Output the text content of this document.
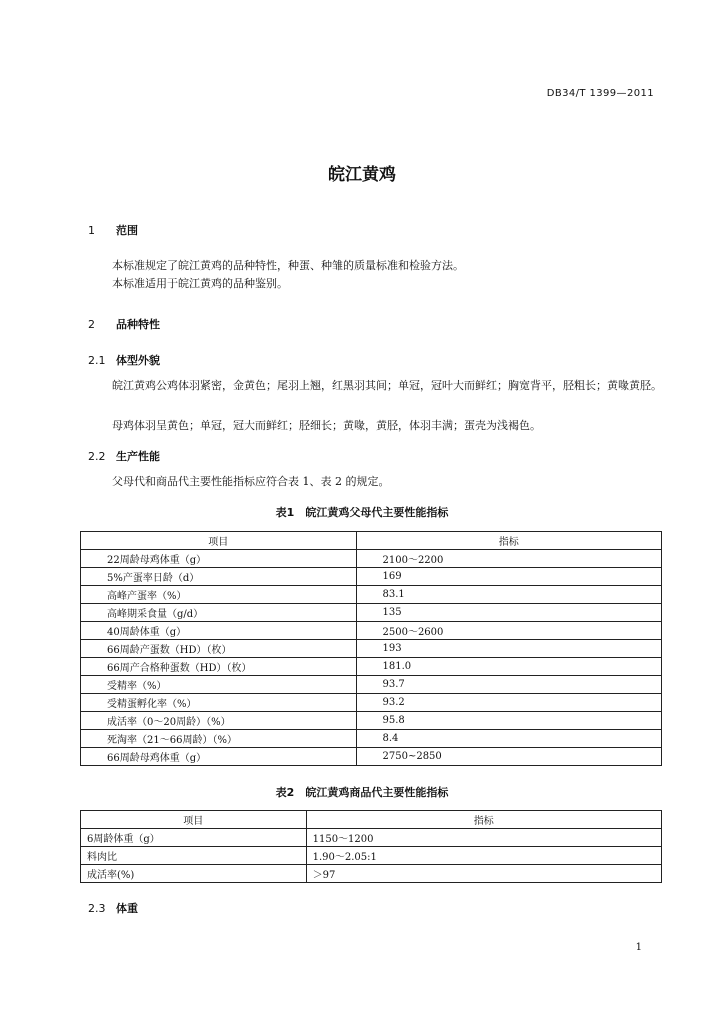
DB34/T 1399—2011
皖江黄鸡
1 范围

本标准规定了皖江黄鸡的品种特性，种蛋、种雏的质量标准和检验方法。

本标准适用于皖江黄鸡的品种鉴别。

2 品种特性
2.1 体型外貌

皖江黄鸡公鸡体羽紧密，金黄色；尾羽上翘，红黑羽其间；单冠，冠叶大而鲜红；胸宽背平，胫粗长；黄喙黄胫。

母鸡体羽呈黄色；单冠，冠大而鲜红；胫细长；黄喙，黄胫，体羽丰满；蛋壳为浅褐色。

2.2 生产性能

父母代和商品代主要性能指标应符合表 1、表 2 的规定。

表1　皖江黄鸡父母代主要性能指标
项目	指标
22周龄母鸡体重（g）	2100～2200
5%产蛋率日龄（d）	169
高峰产蛋率（%）	83.1
高峰期采食量（g/d）	135
40周龄体重（g）	2500～2600
66周龄产蛋数（HD）（枚）	193
66周产合格种蛋数（HD）（枚）	181.0
受精率（%）	93.7
受精蛋孵化率（%）	93.2
成活率（0～20周龄）（%）	95.8
死淘率（21～66周龄）（%）	8.4
66周龄母鸡体重（g）	2750~2850
表2　皖江黄鸡商品代主要性能指标
项目	指标
6周龄体重（g）	1150～1200
料肉比	1.90～2.05:1
成活率(%)	＞97
2.3 体重
1
